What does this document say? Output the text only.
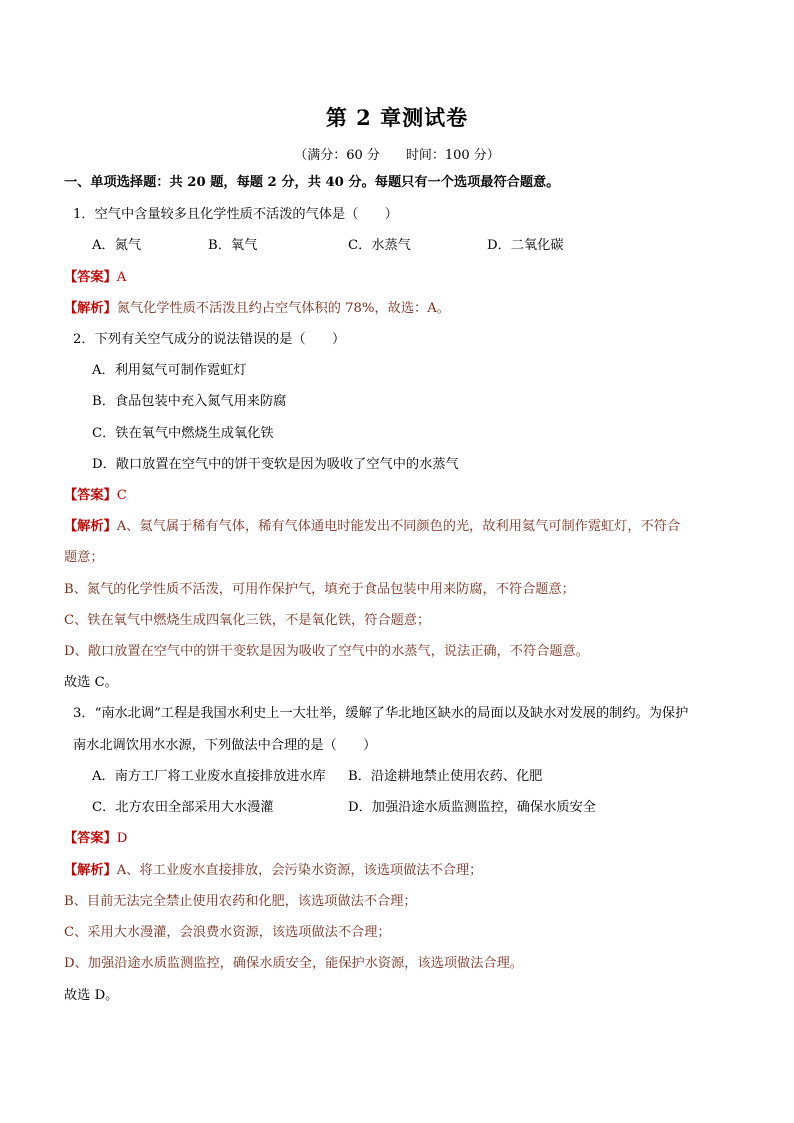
第 2 章测试卷
（满分：60 分　　时间：100 分）
一、单项选择题：共 20 题，每题 2 分，共 40 分。每题只有一个选项最符合题意。
1．空气中含量较多且化学性质不活泼的气体是（　　）
A．氮气	B．氧气	C．水蒸气	D．二氧化碳
【答案】A
【解析】氮气化学性质不活泼且约占空气体积的 78%，故选：A。
2．下列有关空气成分的说法错误的是（　　）
A．利用氦气可制作霓虹灯
B．食品包装中充入氮气用来防腐
C．铁在氧气中燃烧生成氧化铁
D．敞口放置在空气中的饼干变软是因为吸收了空气中的水蒸气
【答案】C
【解析】A、氦气属于稀有气体，稀有气体通电时能发出不同颜色的光，故利用氦气可制作霓虹灯，不符合
题意；
B、氮气的化学性质不活泼，可用作保护气，填充于食品包装中用来防腐，不符合题意；
C、铁在氧气中燃烧生成四氧化三铁，不是氧化铁，符合题意；
D、敞口放置在空气中的饼干变软是因为吸收了空气中的水蒸气，说法正确，不符合题意。
故选 C。
3．“南水北调”工程是我国水利史上一大壮举，缓解了华北地区缺水的局面以及缺水对发展的制约。为保护
南水北调饮用水水源，下列做法中合理的是（　　）
A．南方工厂将工业废水直接排放进水库 B．沿途耕地禁止使用农药、化肥
C．北方农田全部采用大水漫灌	D．加强沿途水质监测监控，确保水质安全
【答案】D
【解析】A、将工业废水直接排放，会污染水资源，该选项做法不合理；
B、目前无法完全禁止使用农药和化肥，该选项做法不合理；
C、采用大水漫灌，会浪费水资源，该选项做法不合理；
D、加强沿途水质监测监控，确保水质安全，能保护水资源，该选项做法合理。
故选 D。
